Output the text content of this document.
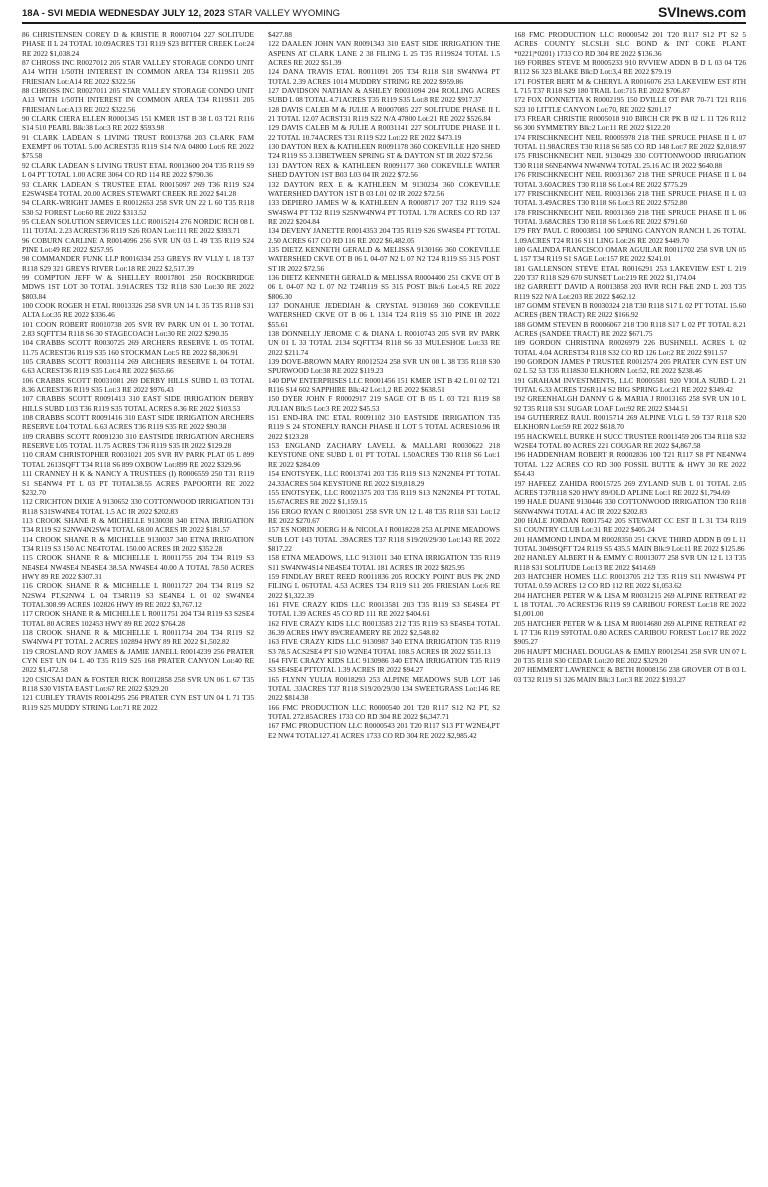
18A - SVI MEDIA WEDNESDAY JULY 12, 2023 STAR VALLEY WYOMING	SVInews.com

86 CHRISTENSEN COREY D & KRISTIE R R0007104 227 SOLITUDE PHASE II L 24 TOTAL 10.09ACRES T31 R119 S23 BITTER CREEK Lot:24 RE 2022 $1,038.24

87 CHROSS INC R0027012 205 STAR VALLEY STORAGE CONDO UNIT A14 WITH 1/50TH INTEREST IN COMMON AREA T34 R119S11 205 FRIESIAN Lot:A14 RE 2022 $322.56

88 CHROSS INC R0027011 205 STAR VALLEY STORAGE CONDO UNIT A13 WITH 1/50TH INTEREST IN COMMON AREA T34 R119S11 205 FRIESIAN Lot:A13 RE 2022 $322.56

90 CLARK CIERA ELLEN R0001345 151 KMER 1ST B 38 L 03 T21 R116 S14 510 PEARL Blk:38 Lot:3 RE 2022 $593.98

91 CLARK LADEAN S LIVING TRUST R0013768 203 CLARK FAM EXEMPT 06 TOTAL 5.00 ACREST35 R119 S14 N/A 04800 Lot:6 RE 2022 $75.58

92 CLARK LADEAN S LIVING TRUST ETAL R0013600 204 T35 R119 S9 L 04 PT TOTAL 1.00 ACRE 3064 CO RD 114 RE 2022 $790.36

93 CLARK LADEAN S TRUSTEE ETAL R0015097 269 T36 R119 S24 E2SW4SE4 TOTAL 20.00 ACRES STEWART CREEK RE 2022 $41.28

94 CLARK-WRIGHT JAMES E R0012653 258 SVR UN 22 L 60 T35 R118 S30 52 FOREST Lot:60 RE 2022 $313.52

95 CLEAN SOLUTION SERVICES LLC R0015214 276 NORDIC RCH 08 L 111 TOTAL 2.23 ACREST36 R119 S26 ROAN Lot:111 RE 2022 $393.71

96 COBURN CARLINE A R0014096 256 SVR UN 03 L 49 T35 R119 S24 PINE Lot:49 RE 2022 $257.95

98 COMMANDER FUNK LLP R0016334 253 GREYS RV VLLY L 18 T37 R118 S29 321 GREYS RIVER Lot:18 RE 2022 $2,517.39

99 COMPTON JEFF W & SHELLEY R0017801 250 ROCKBRIDGE MDWS 1ST LOT 30 TOTAL 3.91ACRES T32 R118 S30 Lot:30 RE 2022 $803.84

100 COOK ROGER H ETAL R0013326 258 SVR UN 14 L 35 T35 R118 S31 ALTA Lot:35 RE 2022 $336.46

101 COON ROBERT R0010738 205 SVR RV PARK UN 01 L 30 TOTAL 2.83 SQFTT34 R118 S6 30 STAGECOACH Lot:30 RE 2022 $290.35

104 CRABBS SCOTT R0030725 269 ARCHERS RESERVE L 05 TOTAL 11.75 ACREST36 R119 S35 160 STOCKMAN Lot:5 RE 2022 $8,306.91

105 CRABBS SCOTT R0031114 269 ARCHERS RESERVE L 04 TOTAL 6.63 ACREST36 R119 S35 Lot:4 RE 2022 $655.66

106 CRABBS SCOTT R0031081 269 DERBY HILLS SUBD L 03 TOTAL 8.36 ACREST36 R119 S35 Lot:3 RE 2022 $976.43

107 CRABBS SCOTT R0091413 310 EAST SIDE IRRIGATION DERBY HILLS SUBD L03 T36 R119 S35 TOTAL ACRES 8.36 RE 2022 $103.53

108 CRABBS SCOTT R0091416 310 EAST SIDE IRRIGATION ARCHERS RESERVE L04 TOTAL 6.63 ACRES T36 R119 S35 RE 2022 $90.38

109 CRABBS SCOTT R0091230 310 EASTSIDE IRRIGATION ARCHERS RESERVE L05 TOTAL 11.75 ACRES T36 R119 S35 IR 2022 $129.28

110 CRAM CHRISTOPHER R0031021 205 SVR RV PARK PLAT 05 L 899 TOTAL 2613SQFT T34 R118 S6 899 OXBOW Lot:899 RE 2022 $329.96

111 CRANNEY H K & NANCY A TRUSTEES (I) R0006559 250 T31 R119 S1 SE4NW4 PT L 03 PT TOTAL38.55 ACRES PAPOORTH RE 2022 $232.70

112 CRICHTON DIXIE A 9130652 330 COTTONWOOD IRRIGATION T31 R118 S31SW4NE4 TOTAL 1.5 AC IR 2022 $202.83

113 CROOK SHANE R & MICHELLE 9130038 340 ETNA IRRIGATION T34 R119 S2 S2NW4N2SW4 TOTAL 68.00 ACRES IR 2022 $181.57

114 CROOK SHANE R & MICHELLE 9130037 340 ETNA IRRIGATION T34 R119 S3 150 AC NE4TOTAL 150.00 ACRES IR 2022 $352.28

115 CROOK SHANE R & MICHELLE L R0011755 204 T34 R119 S3 NE4SE4 NW4SE4 NE4SE4 38.5A NW4SE4 40.00 A TOTAL 78.50 ACRES HWY 89 RE 2022 $307.31

116 CROOK SHANE R & MICHELLE L R0011727 204 T34 R119 S2 N2SW4 PT.S2NW4 L 04 T34R119 S3 SE4NE4 L 01 02 SW4NE4 TOTAL308.99 ACRES 102826 HWY 89 RE 2022 $3,767.12

117 CROOK SHANE R & MICHELLE L R0011751 204 T34 R119 S3 S2SE4 TOTAL 80 ACRES 102453 HWY 89 RE 2022 $764.28

118 CROOK SHANE R & MICHELLE L R0011734 204 T34 R119 S2 SW4NW4 PT TOTAL 2 ACRES 102894 HWY 89 RE 2022 $1,502.82

119 CROSLAND ROY JAMES & JAMIE JANELL R0014239 256 PRATER CYN EST UN 04 L 40 T35 R119 S25 168 PRATER CANYON Lot:40 RE 2022 $1,472.58

120 CSICSAI DAN & FOSTER RICK R0012858 258 SVR UN 06 L 67 T35 R118 S30 VISTA EAST Lot:67 RE 2022 $329.20

121 CUBLEY TRAVIS R0014295 256 PRATER CYN EST UN 04 L 71 T35 R119 S25 MUDDY STRING Lot:71 RE 2022

$427.88

122 DAALEN JOHN VAN R0091343 310 EAST SIDE IRRIGATION THE ASPENS AT CLARK LANE 2 38 FILING L 25 T35 R119S24 TOTAL 1.5 ACRES RE 2022 $51.39

124 DANA TRAVIS ETAL R0011091 205 T34 R118 S18 SW4NW4 PT TOTAL 2.39 ACRES 1014 MUDDRY STRING RE 2022 $959.86

127 DAVIDSON NATHAN & ASHLEY R0031094 204 ROLLING ACRES SUBD L 08 TOTAL 4.71ACRES T35 R119 S35 Lot:8 RE 2022 $917.37

128 DAVIS CALEB M & JULIE A R0007085 227 SOLITUDE PHASE II L 21 TOTAL 12.07 ACRST31 R119 S22 N/A 47800 Lot:21 RE 2022 $526.84

129 DAVIS CALEB M & JULIE A R0031141 227 SOLITUDE PHASE II L 22 TOTAL 10.74ACRES T31 R119 S22 Lot:22 RE 2022 $473.19

130 DAYTON REX & KATHLEEN R0091178 360 COKEVILLE H20 SHED T24 R119 S5 3.13BETWEEN SPRING ST & DAYTON ST IR 2022 $72.56

131 DAYTON REX & KATHLEEN R0091177 360 COKEVILLE WATER SHED DAYTON 1ST B03 L03 04 IR 2022 $72.56

132 DAYTON REX E & KATHLEEN M 9130234 360 COKEVILLE WATERSHED DAYTON 1ST B 03 L01 02 IR 2022 $72.56

133 DEPIERO JAMES W & KATHLEEN A R0008717 207 T32 R119 S24 SW4SW4 PT T32 R119 S25NW4NW4 PT TOTAL 1.78 ACRES CO RD 137 RE 2022 $204.84

134 DEVENY JANETTE R0014353 204 T35 R119 S26 SW4SE4 PT TOTAL 2.50 ACRES 617 CO RD 116 RE 2022 $6,482.05

135 DIETZ KENNETH GERALD & MELISSA 9130166 360 COKEVILLE WATERSHED CKVE OT B 06 L 04-07 N2 L 07 N2 T24 R119 S5 315 POST ST IR 2022 $72.56

136 DIETZ KENNETH GERALD & MELISSA R0004400 251 CKVE OT B 06 L 04-07 N2 L 07 N2 T24R119 S5 315 POST Blk:6 Lot:4,5 RE 2022 $806.30

137 DONAHUE JEDEDIAH & CRYSTAL 9130169 360 COKEVILLE WATERSHED CKVE OT B 06 L 1314 T24 R119 S5 310 PINE IR 2022 $55.61

138 DONNELLY JEROME C & DIANA L R0010743 205 SVR RV PARK UN 01 L 33 TOTAL 2134 SQFTT34 R118 S6 33 MULESHOE Lot:33 RE 2022 $211.74

139 DOVE-BROWN MARY R0012524 258 SVR UN 08 L 38 T35 R118 S30 SPURWOOD Lot:38 RE 2022 $119.23

140 DPW ENTERPRISES LLC R0001456 151 KMER 1ST B 42 L 01 02 T21 R116 S14 602 SAPPHIRE Blk:42 Lot:1,2 RE 2022 $638.51

150 DYER JOHN F R0002917 219 SAGE OT B 05 L 03 T21 R119 S8 JULIAN Blk:5 Lot:3 RE 2022 $45.53

151 END-IRA INC ETAL R0091102 310 EASTSIDE IRRIGATION T35 R119 S 24 STONEFLY RANCH PHASE II LOT 5 TOTAL ACRES10.96 IR 2022 $123.28

153 ENGLAND ZACHARY LAVELL & MALLARI R0030622 218 KEYSTONE ONE SUBD L 01 PT TOTAL 1.50ACRES T30 R118 S6 Lot:1 RE 2022 $284.09

154 ENOTSYEK, LLC R0013741 203 T35 R119 S13 N2N2NE4 PT TOTAL 24.33ACRES 504 KEYSTONE RE 2022 $19,818.29

155 ENOTSYEK, LLC R0021375 203 T35 R119 S13 N2N2NE4 PT TOTAL 15.67ACRES RE 2022 $1,159.15

156 ERGO RYAN C R0013051 258 SVR UN 12 L 48 T35 R118 S31 Lot:12 RE 2022 $270.67

157 ES NORIN JOERG H & NICOLA I R0018228 253 ALPINE MEADOWS SUB LOT 143 TOTAL .39ACRES T37 R118 S19/20/29/30 Lot:143 RE 2022 $817.22

158 ETNA MEADOWS, LLC 9131011 340 ETNA IRRIGATION T35 R119 S11 SW4NW4S14 NE4SE4 TOTAL 181 ACRES IR 2022 $825.95

159 FINDLAY BRET REED R0011836 205 ROCKY POINT BUS PK 2ND FILING L 06TOTAL 4.53 ACRES T34 R119 S11 205 FRIESIAN Lot:6 RE 2022 $1,322.39

161 FIVE CRAZY KIDS LLC R0013581 203 T35 R119 S3 SE4SE4 PT TOTAL 1.39 ACRES 45 CO RD 111 RE 2022 $404.61

162 FIVE CRAZY KIDS LLC R0013583 212 T35 R119 S3 SE4SE4 TOTAL 36.39 ACRES HWY 89/CREAMERY RE 2022 $2,548.82

163 FIVE CRAZY KIDS LLC 9130987 340 ETNA IRRIGATION T35 R119 S3 78.5 ACS2SE4 PT S10 W2NE4 TOTAL 108.5 ACRES IR 2022 $511.13

164 FIVE CRAZY KIDS LLC 9130986 340 ETNA IRRIGATION T35 R119 S3 SE4SE4 PTTOTAL 1.39 ACRES IR 2022 $94.27

165 FLYNN YULIA R0018293 253 ALPINE MEADOWS SUB LOT 146 TOTAL .33ACRES T37 R118 S19/20/29/30 134 SWEETGRASS Lot:146 RE 2022 $814.38

166 FMC PRODUCTION LLC R0000540 201 T20 R117 S12 N2 PT, S2 TOTAL 272.85ACRES 1733 CO RD 304 RE 2022 $6,347.71

167 FMC PRODUCTION LLC R0000543 201 T20 R117 S13 PT W2NE4,PT E2 NW4 TOTAL127.41 ACRES 1733 CO RD 304 RE 2022 $2,985.42

168 FMC PRODUCTION LLC R0000542 201 T20 R117 S12 PT S2 5 ACRES COUNTY SLCSLH SLC BOND & INT COKE PLANT *0221|*0201) 1733 CO RD 304 RE 2022 $136.36

169 FORBES STEVE M R0005233 910 RVVIEW ADDN B D L 03 04 T26 R112 S6 323 BLAKE Blk:D Lot:3,4 RE 2022 $79.19

171 FOSTER BERT M & CHERYL A R0016076 253 LAKEVIEW EST 8TH L 715 T37 R118 S29 180 TRAIL Lot:715 RE 2022 $706.87

172 FOX DONNETTA K R0002195 150 DVILLE OT PAR 70-71 T21 R116 S23 10 LITTLE CANYON Lot:70, RE 2022 $201.17

173 FREAR CHRISTIE R0005018 910 BIRCH CR PK B 02 L 11 T26 R112 S6 300 SYMMETRY Blk:2 Lot:11 RE 2022 $122.20

174 FRISCHKNECHT NEIL R0005978 218 THE SPRUCE PHASE II L 07 TOTAL 11.98ACRES T30 R118 S6 585 CO RD 148 Lot:7 RE 2022 $2,018.97

175 FRISCHKNECHT NEIL 9130429 330 COTTONWOOD IRRIGATION T30 R118 S6NE4NW4 NW4NW4 TOTAL 25.16 AC IR 2022 $640.88

176 FRISCHKNECHT NEIL R0031367 218 THE SPRUCE PHASE II L 04 TOTAL 3.60ACRES T30 R118 S6 Lot:4 RE 2022 $775.29

177 FRISCHKNECHT NEIL R0031366 218 THE SPRUCE PHASE II L 03 TOTAL 3.49ACRES T30 R118 S6 Lot:3 RE 2022 $752.80

178 FRISCHKNECHT NEIL R0031369 218 THE SPRUCE PHASE II L 06 TOTAL 3.68ACRES T30 R118 S6 Lot:6 RE 2022 $791.60

179 FRY PAUL C R0003851 100 SPRING CANYON RANCH L 26 TOTAL 1.09ACRES T24 R116 S11 LING Lot:26 RE 2022 $449.70

180 GALINDA FRANCISCO OMAR AGUILAR R0011702 258 SVR UN 05 L 157 T34 R119 S1 SAGE Lot:157 RE 2022 $241.01

181 GALLENSON STEVE ETAL R0016291 253 LAKEVIEW EST L 219 220 T37 R118 S29 670 SUNSET Lot:219 RE 2022 $1,174.04

182 GARRETT DAVID A R0013858 203 RVR RCH F&E 2ND L 203 T35 R119 S22 N/A Lot:203 RE 2022 $462.12

187 GOMM STEVEN B R0030324 218 T30 R118 S17 L 02 PT TOTAL 15.60 ACRES (BEN TRACT) RE 2022 $166.92

188 GOMM STEVEN B R0006067 218 T30 R118 S17 L 02 PT TOTAL 8.21 ACRES (SANDEE TRACT) RE 2022 $671.75

189 GORDON CHRISTINA R0026979 226 BUSHNELL ACRES L 02 TOTAL 4.04 ACREST34 R118 S32 CO RD 126 Lot:2 RE 2022 $911.57

190 GORDON JAMES P TRUSTEE R0012574 205 PRATER CYN EST UN 02 L 52 53 T35 R118S30 ELKHORN Lot:52, RE 2022 $238.46

191 GRAHAM INVESTMENTS, LLC R0005581 920 VIOLA SUBD L 21 TOTAL 6.33 ACRES T26R114 S2 BIG SPRING Lot:21 RE 2022 $349.42

192 GREENHALGH DANNY G & MARIA J R0013165 258 SVR UN 10 L 92 T35 R118 S31 SUGAR LOAF Lot:92 RE 2022 $344.51

194 GUTIERREZ RAUL R0015714 269 ALPINE VLG L 59 T37 R118 S20 ELKHORN Lot:59 RE 2022 $618.70

195 HACKWELL BURKE H SUCC TRUSTEE R0011459 206 T34 R118 S32 W2SE4 TOTAL 80 ACRES 221 COUGAR RE 2022 $4,867.58

196 HADDENHAM ROBERT R R0002836 100 T21 R117 S8 PT NE4NW4 TOTAL 1.22 ACRES CO RD 300 FOSSIL BUTTE & HWY 30 RE 2022 $54.43

197 HAFEEZ ZAHIDA R0015725 269 ZYLAND SUB L 01 TOTAL 2.05 ACRES T37R118 S20 HWY 89/OLD APLINE Lot:1 RE 2022 $1,794.69

199 HALE DUANE 9130446 330 COTTONWOOD IRRIGATION T30 R118 S6NW4NW4 TOTAL 4 AC IR 2022 $202.83

200 HALE JORDAN R0017542 205 STEWART CC EST II L 31 T34 R119 S1 COUNTRY CLUB Lot:31 RE 2022 $405.24

201 HAMMOND LINDA M R0028350 251 CKVE THIRD ADDN B 09 L 11 TOTAL 3049SQFT T24 R119 S5 435.5 MAIN Blk:9 Lot:11 RE 2022 $125.86

202 HANLEY ALBERT H & EMMY C R0013077 258 SVR UN 12 L 13 T35 R118 S31 SOLITUDE Lot:13 RE 2022 $414.69

203 HATCHER HOMES LLC R0013705 212 T35 R119 S11 NW4SW4 PT TOTAL 0.59 ACRES 12 CO RD 112 RE 2022 $1,053.62

204 HATCHER PETER W & LISA M R0031215 269 ALPINE RETREAT #2 L 18 TOTAL .70 ACREST36 R119 S9 CARIBOU FOREST Lot:18 RE 2022 $1,001.00

205 HATCHER PETER W & LISA M R0014680 269 ALPINE RETREAT #2 L 17 T36 R119 S9TOTAL 0.80 ACRES CARIBOU FOREST Lot:17 RE 2022 $905.27

206 HAUPT MICHAEL DOUGLAS & EMILY R0012541 258 SVR UN 07 L 20 T35 R118 S30 CEDAR Lot:20 RE 2022 $329.20

207 HEMMERT LAWRENCE & BETH R0008156 238 GROVER OT B 03 L 03 T32 R119 S1 326 MAIN Blk:3 Lot:3 RE 2022 $193.27
